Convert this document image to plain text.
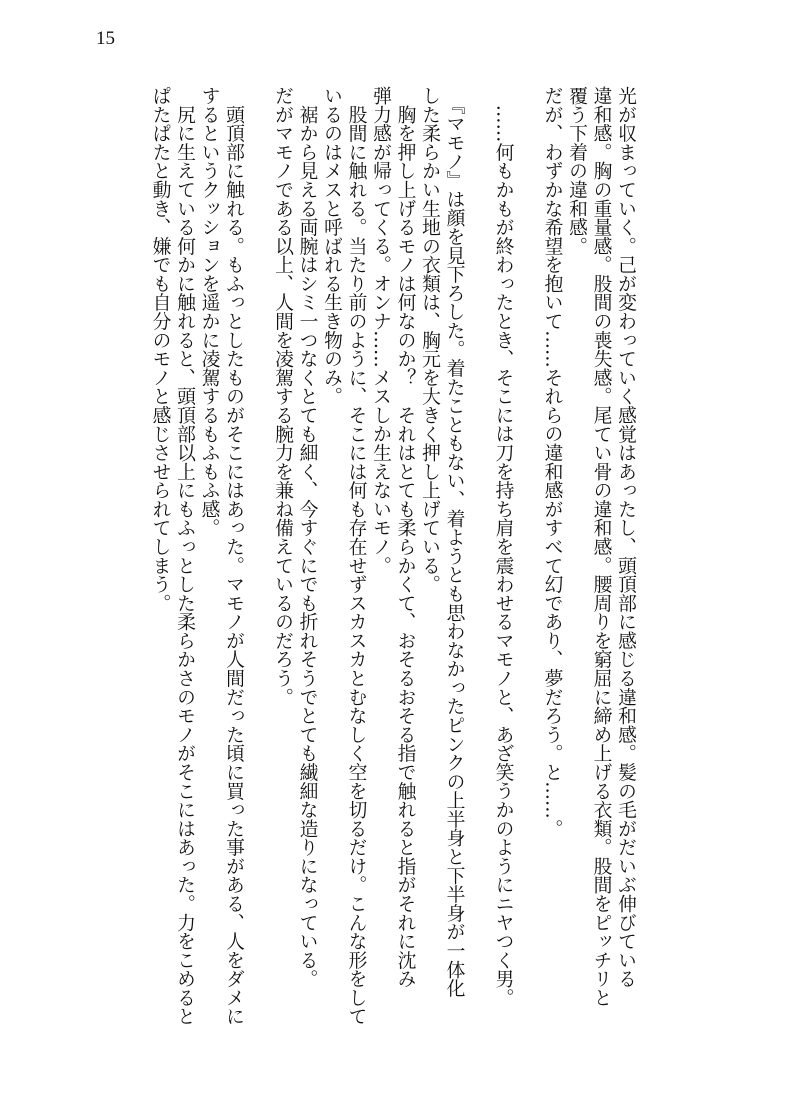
15
光が収まっていく。己が変わっていく感覚はあったし、頭頂部に感じる違和感。髪の毛がだいぶ伸びている
違和感。胸の重量感。股間の喪失感。尾てい骨の違和感。腰周りを窮屈に締め上げる衣類。股間をピッチリと
覆う下着の違和感。
だが、わずかな希望を抱いて……それらの違和感がすべて幻であり、夢だろう。と……。
　……何もかもが終わったとき、そこには刀を持ち肩を震わせるマモノと、あざ笑うかのようにニヤつく男。
　『マモノ』は顔を見下ろした。着たこともない、着ようとも思わなかったピンクの上半身と下半身が一体化
した柔らかい生地の衣類は、胸元を大きく押し上げている。
　胸を押し上げるモノは何なのか？　それはとても柔らかくて、おそるおそる指で触れると指がそれに沈み
弾力感が帰ってくる。オンナ……メスしか生えないモノ。
　股間に触れる。当たり前のように、そこには何も存在せずスカスカとむなしく空を切るだけ。こんな形をして
いるのはメスと呼ばれる生き物のみ。
　裾から見える両腕はシミ一つなくとても細く、今すぐにでも折れそうでとても繊細な造りになっている。
だがマモノである以上、人間を凌駕する腕力を兼ね備えているのだろう。
　頭頂部に触れる。もふっとしたものがそこにはあった。マモノが人間だった頃に買った事がある、人をダメに
するというクッションを遥かに凌駕するもふもふ感。
　尻に生えている何かに触れると、頭頂部以上にもふっとした柔らかさのモノがそこにはあった。力をこめると
ぱたぱたと動き、嫌でも自分のモノと感じさせられてしまう。
